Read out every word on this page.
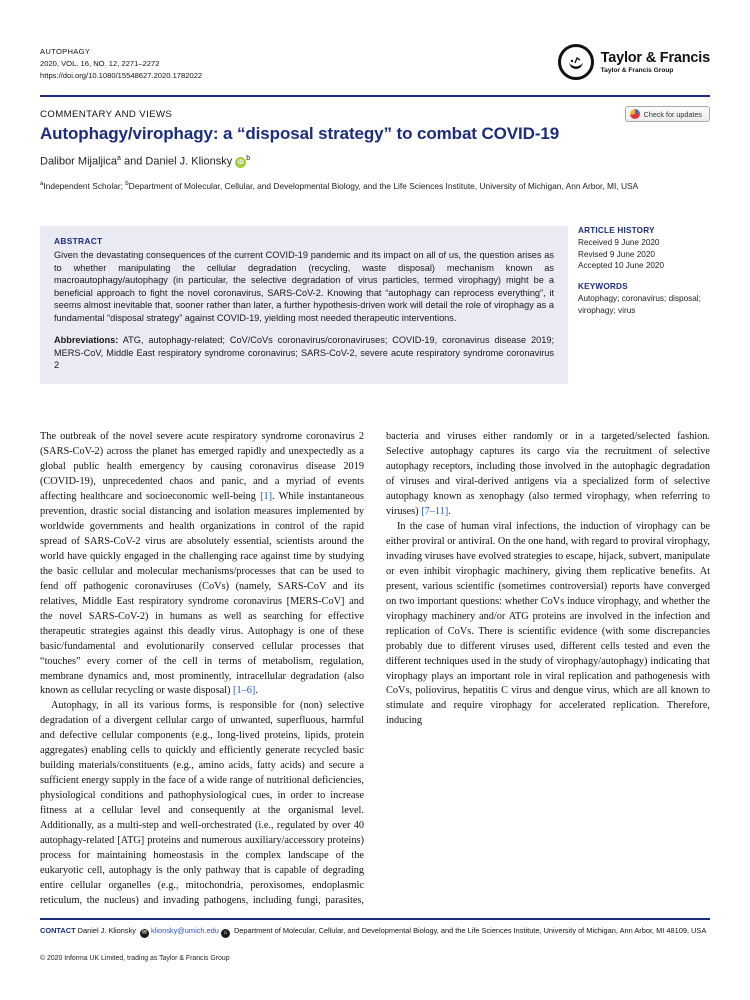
AUTOPHAGY
2020, VOL. 16, NO. 12, 2271–2272
https://doi.org/10.1080/15548627.2020.1782022
Taylor & Francis
Taylor & Francis Group
COMMENTARY AND VIEWS	Check for updates
Autophagy/virophagy: a “disposal strategy” to combat COVID-19
Dalibor Mijaljica$^a$ and Daniel J. Klionsky $iD^b$
$^a$Independent Scholar; $^b$Department of Molecular, Cellular, and Developmental Biology, and the Life Sciences Institute, University of Michigan, Ann Arbor, MI, USA
ABSTRACT
Given the devastating consequences of the current COVID-19 pandemic and its impact on all of us, the question arises as to whether manipulating the cellular degradation (recycling, waste disposal) mechanism known as macroautophagy/autophagy (in particular, the selective degradation of virus particles, termed virophagy) might be a beneficial approach to fight the novel coronavirus, SARS-CoV-2. Knowing that “autophagy can reprocess everything”, it seems almost inevitable that, sooner rather than later, a further hypothesis-driven work will detail the role of virophagy as a fundamental “disposal strategy” against COVID-19, yielding most needed therapeutic interventions.
Abbreviations: ATG, autophagy-related; CoV/CoVs coronavirus/coronaviruses; COVID-19, coronavirus disease 2019; MERS-CoV, Middle East respiratory syndrome coronavirus; SARS-CoV-2, severe acute respiratory syndrome coronavirus 2
ARTICLE HISTORY
Received 9 June 2020
Revised 9 June 2020
Accepted 10 June 2020
KEYWORDS
Autophagy; coronavirus; disposal; virophagy; virus

The outbreak of the novel severe acute respiratory syndrome coronavirus 2 (SARS-CoV-2) across the planet has emerged rapidly and unexpectedly as a global public health emergency by causing coronavirus disease 2019 (COVID-19), unprecedented chaos and panic, and a myriad of events affecting healthcare and socioeconomic well-being [1]. While instantaneous prevention, drastic social distancing and isolation measures implemented by worldwide governments and health organizations in control of the rapid spread of SARS-CoV-2 virus are absolutely essential, scientists around the world have quickly engaged in the challenging race against time by studying the basic cellular and molecular mechanisms/processes that can be used to fend off pathogenic coronaviruses (CoVs) (namely, SARS-CoV and its relatives, Middle East respiratory syndrome coronavirus [MERS-CoV] and the novel SARS-CoV-2) in humans as well as searching for effective therapeutic strategies against this deadly virus. Autophagy is one of these basic/fundamental and evolutionarily conserved cellular processes that “touches” every corner of the cell in terms of metabolism, regulation, membrane dynamics and, most prominently, intracellular degradation (also known as cellular recycling or waste disposal) [1–6].

Autophagy, in all its various forms, is responsible for (non) selective degradation of a divergent cellular cargo of unwanted, superfluous, harmful and defective cellular components (e.g., long-lived proteins, lipids, protein aggregates) enabling cells to quickly and efficiently generate recycled basic building materials/constituents (e.g., amino acids, fatty acids) and secure a sufficient energy supply in the face of a wide range of nutritional deficiencies, physiological conditions and pathophysiological cues, in order to increase fitness at a cellular level and consequently at the organismal level. Additionally, as a multi-step and well-orchestrated (i.e., regulated by over 40 autophagy-related [ATG] proteins and numerous auxiliary/accessory proteins) process for maintaining homeostasis in the complex landscape of the eukaryotic cell, autophagy is the only pathway that is capable of degrading entire cellular organelles (e.g., mitochondria, peroxisomes, endoplasmic reticulum, the nucleus) and invading pathogens, including fungi, parasites, bacteria and viruses either randomly or in a targeted/selected fashion. Selective autophagy captures its cargo via the recruitment of selective autophagy receptors, including those involved in the autophagic degradation of viruses and viral-derived antigens via a specialized form of selective autophagy known as xenophagy (also termed virophagy, when referring to viruses) [7–11].

In the case of human viral infections, the induction of virophagy can be either proviral or antiviral. On the one hand, with regard to proviral virophagy, invading viruses have evolved strategies to escape, hijack, subvert, manipulate or even inhibit virophagic machinery, giving them replicative benefits. At present, various scientific (sometimes controversial) reports have converged on two important questions: whether CoVs induce virophagy, and whether the virophagy machinery and/or ATG proteins are involved in the infection and replication of CoVs. There is scientific evidence (with some discrepancies probably due to different viruses used, different cells tested and even the different techniques used in the study of virophagy/autophagy) indicating that virophagy plays an important role in viral replication and pathogenesis with CoVs, poliovirus, hepatitis C virus and dengue virus, which are all known to stimulate and require virophagy for accelerated replication. Therefore, inducing

CONTACT Daniel J. Klionsky ✉ klionsky@umich.edu ⌂ Department of Molecular, Cellular, and Developmental Biology, and the Life Sciences Institute, University of Michigan, Ann Arbor, MI 48109, USA
© 2020 Informa UK Limited, trading as Taylor & Francis Group
